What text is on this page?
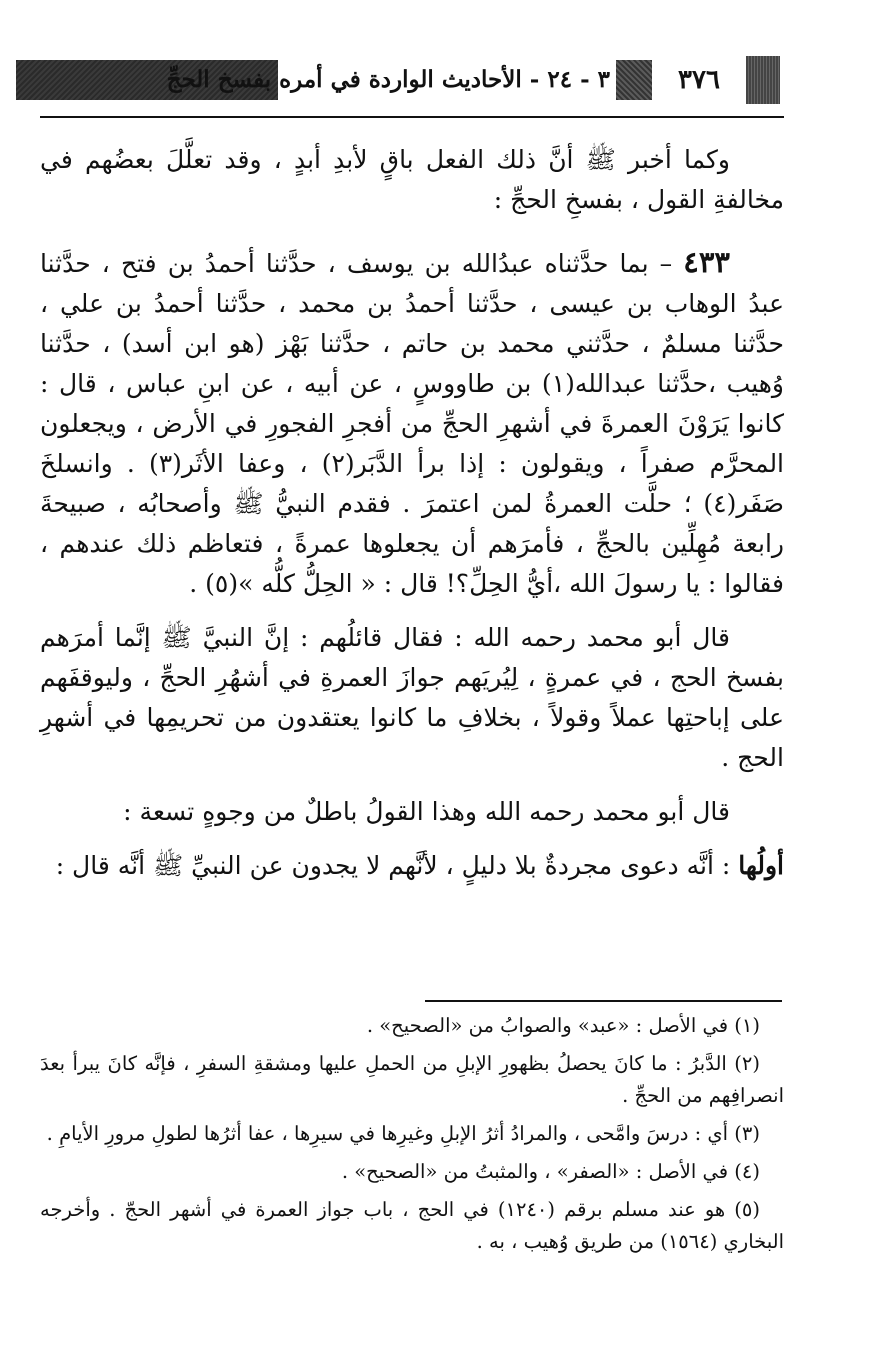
٣ - ٢٤ - الأحاديث الواردة في أمره بفسخ الحجِّ	٣٧٦

وكما أخبر ﷺ أنَّ ذلك الفعل باقٍ لأبدِ أبدٍ ، وقد تعلَّلَ بعضُهم في مخالفةِ القول ، بفسخِ الحجِّ :

٤٣٣ – بما حدَّثناه عبدُالله بن يوسف ، حدَّثنا أحمدُ بن فتح ، حدَّثنا عبدُ الوهاب بن عيسى ، حدَّثنا أحمدُ بن محمد ، حدَّثنا أحمدُ بن علي ، حدَّثنا مسلمٌ ، حدَّثني محمد بن حاتم ، حدَّثنا بَهْز (هو ابن أسد) ، حدَّثنا وُهيب ،حدَّثنا عبدالله(١) بن طاووسٍ ، عن أبيه ، عن ابنِ عباس ، قال : كانوا يَرَوْنَ العمرةَ في أشهرِ الحجِّ من أفجرِ الفجورِ في الأرض ، ويجعلون المحرَّم صفراً ، ويقولون : إذا برأ الدَّبَر(٢) ، وعفا الأثَر(٣) . وانسلخَ صَفَر(٤) ؛ حلَّت العمرةُ لمن اعتمرَ . فقدم النبيُّ ﷺ وأصحابُه ، صبيحةَ رابعة مُهِلِّين بالحجِّ ، فأمرَهم أن يجعلوها عمرةً ، فتعاظم ذلك عندهم ، فقالوا : يا رسولَ الله ،أيُّ الحِلِّ؟! قال : « الحِلُّ كلُّه »(٥) .

قال أبو محمد رحمه الله : فقال قائلُهم : إنَّ النبيَّ ﷺ إنَّما أمرَهم بفسخ الحج ، في عمرةٍ ، لِيُريَهم جوازَ العمرةِ في أشهُرِ الحجِّ ، وليوقفَهم على إباحتِها عملاً وقولاً ، بخلافِ ما كانوا يعتقدون من تحريمِها في أشهرِ الحج .

قال أبو محمد رحمه الله وهذا القولُ باطلٌ من وجوهٍ تسعة :

أولُها : أنَّه دعوى مجردةٌ بلا دليلٍ ، لأنَّهم لا يجدون عن النبيِّ ﷺ أنَّه قال :

(١) في الأصل : «عبد» والصوابُ من «الصحيح» .

(٢) الدَّبرُ : ما كانَ يحصلُ بظهورِ الإبلِ من الحملِ عليها ومشقةِ السفرِ ، فإنَّه كانَ يبرأ بعدَ انصرافِهم من الحجِّ .

(٣) أي : درسَ وامَّحى ، والمرادُ أثرُ الإبلِ وغيرِها في سيرِها ، عفا أثرُها لطولِ مرورِ الأيامِ .

(٤) في الأصل : «الصفر» ، والمثبتُ من «الصحيح» .

(٥) هو عند مسلم برقم (١٢٤٠) في الحج ، باب جواز العمرة في أشهر الحجّ . وأخرجه البخاري (١٥٦٤) من طريق وُهيب ، به .
